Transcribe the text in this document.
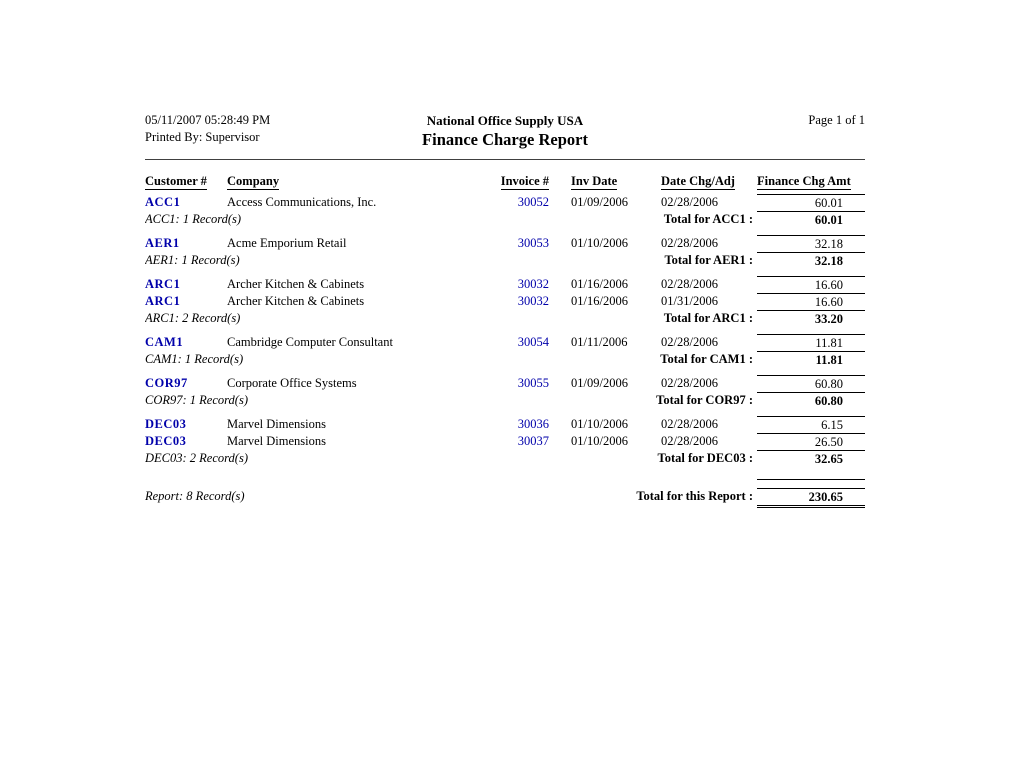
05/11/2007 05:28:49 PM	National Office Supply USA	Page 1 of 1
Printed By: Supervisor	Finance Charge Report
Customer #	Company	Invoice #	Inv Date	Date Chg/Adj	Finance Chg Amt
ACC1	Access Communications, Inc.	30052	01/09/2006	02/28/2006	60.01
ACC1: 1 Record(s)	Total for ACC1 :	60.01
AER1	Acme Emporium Retail	30053	01/10/2006	02/28/2006	32.18
AER1: 1 Record(s)	Total for AER1 :	32.18
ARC1	Archer Kitchen & Cabinets	30032	01/16/2006	02/28/2006	16.60
ARC1	Archer Kitchen & Cabinets	30032	01/16/2006	01/31/2006	16.60
ARC1: 2 Record(s)	Total for ARC1 :	33.20
CAM1	Cambridge Computer Consultant	30054	01/11/2006	02/28/2006	11.81
CAM1: 1 Record(s)	Total for CAM1 :	11.81
COR97	Corporate Office Systems	30055	01/09/2006	02/28/2006	60.80
COR97: 1 Record(s)	Total for COR97 :	60.80
DEC03	Marvel Dimensions	30036	01/10/2006	02/28/2006	6.15
DEC03	Marvel Dimensions	30037	01/10/2006	02/28/2006	26.50
DEC03: 2 Record(s)	Total for DEC03 :	32.65
Report: 8 Record(s)	Total for this Report :	230.65
